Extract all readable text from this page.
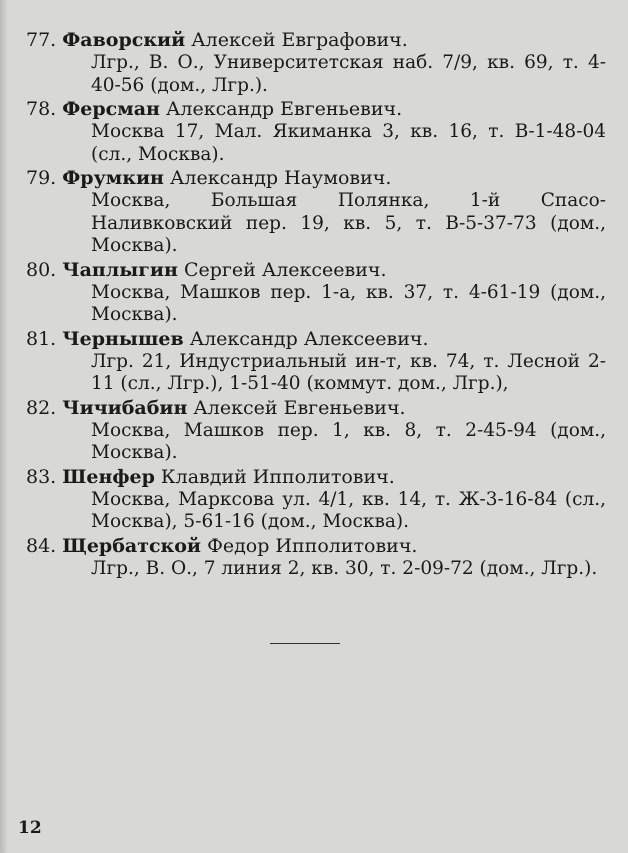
77. Фаворский Алексей Евграфович.
Лгр., В. О., Университетская наб. 7/9, кв. 69, т. 4-40-56 (дом., Лгр.).
78. Ферсман Александр Евгеньевич.
Москва 17, Мал. Якиманка 3, кв. 16, т. В-1-48-04 (сл., Москва).
79. Фрумкин Александр Наумович.
Москва, Большая Полянка, 1-й Спасо-Наливковский пер. 19, кв. 5, т. В-5-37-73 (дом., Москва).
80. Чаплыгин Сергей Алексеевич.
Москва, Машков пер. 1-а, кв. 37, т. 4-61-19 (дом., Москва).
81. Чернышев Александр Алексеевич.
Лгр. 21, Индустриальный ин-т, кв. 74, т. Лесной 2-11 (сл., Лгр.), 1-51-40 (коммут. дом., Лгр.),
82. Чичибабин Алексей Евгеньевич.
Москва, Машков пер. 1, кв. 8, т. 2-45-94 (дом., Москва).
83. Шенфер Клавдий Ипполитович.
Москва, Марксова ул. 4/1, кв. 14, т. Ж-3-16-84 (сл., Москва), 5-61-16 (дом., Москва).
84. Щербатской Федор Ипполитович.
Лгр., В. О., 7 линия 2, кв. 30, т. 2-09-72 (дом., Лгр.).
12
